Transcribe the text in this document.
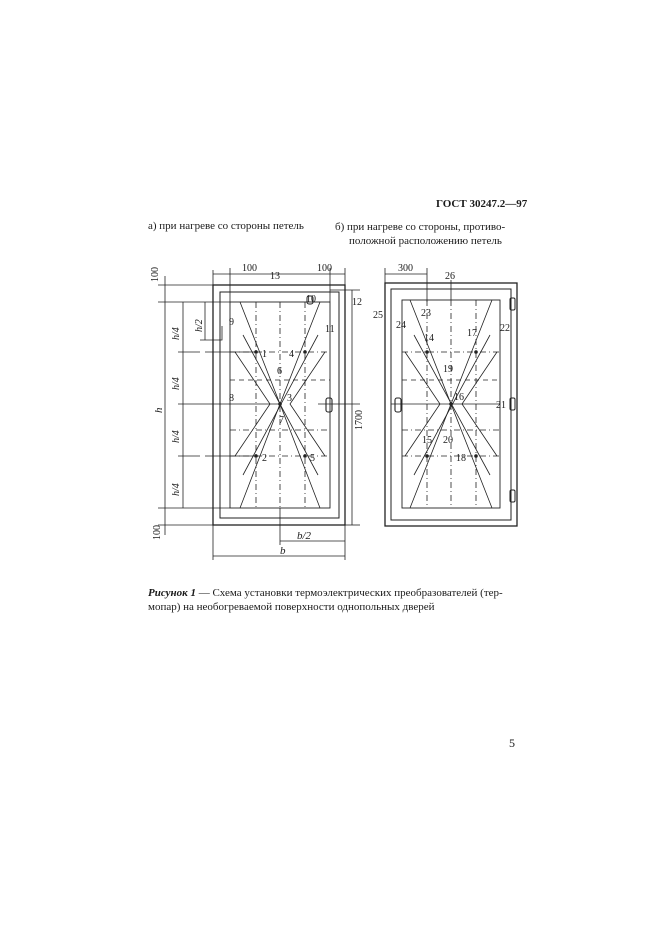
ГОСТ 30247.2—97
а) при нагреве со стороны петель	б) при нагреве со стороны, противо-
положной расположению петель
100
100
100	100
h
h/4
h/4
h/4
h/4
h/2
b/2
b
1700
1
2
3
4
5
6
7
8
9
10
11
12
13
300
14
15
16
17
18
19
20
21
22
23
24
25
26
Рисунок 1 — Схема установки термоэлектрических преобразователей (тер-
мопар) на необогреваемой поверхности однопольных дверей
5
